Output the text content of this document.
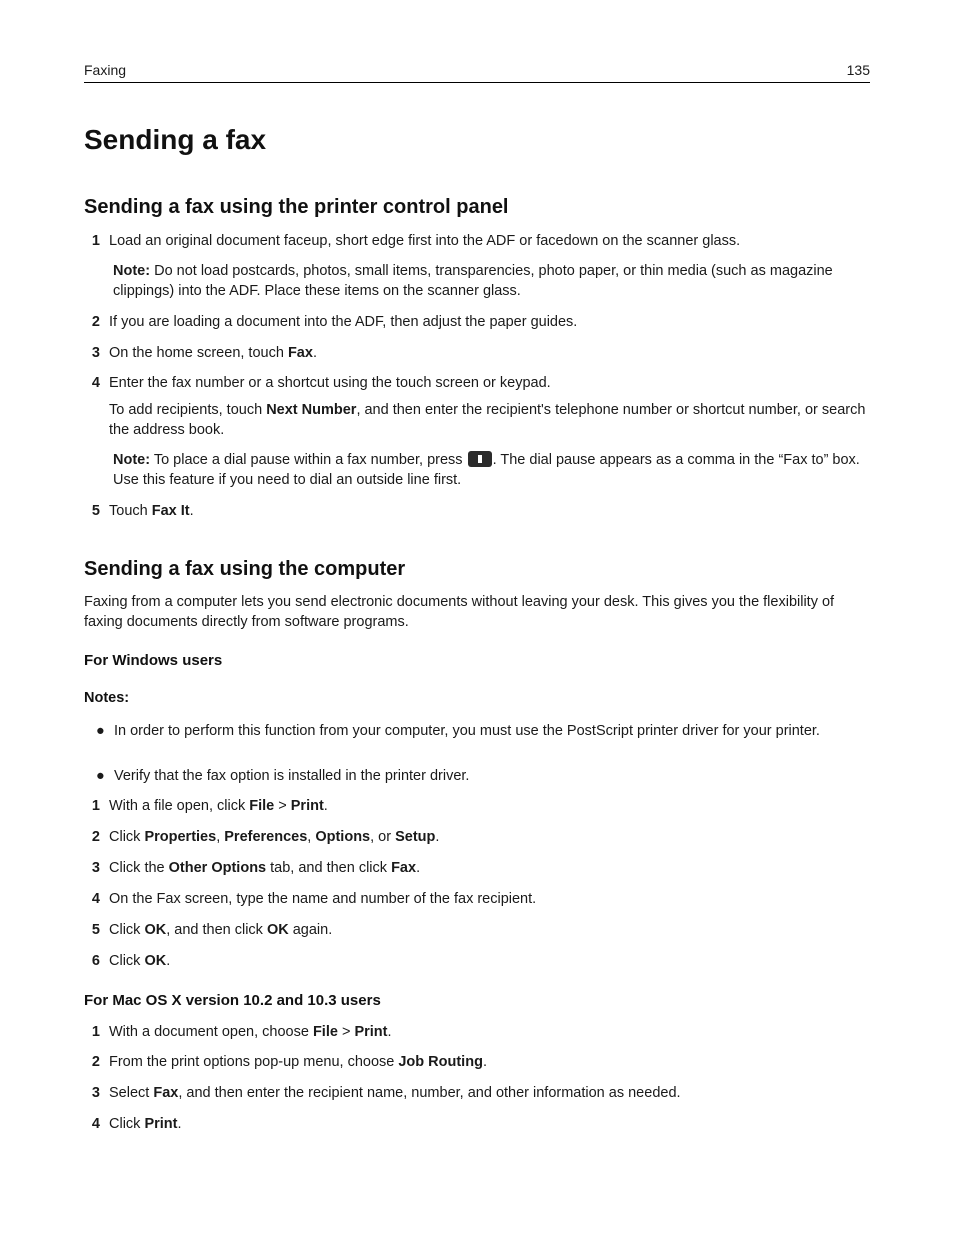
Faxing	135
Sending a fax
Sending a fax using the printer control panel
1 Load an original document faceup, short edge first into the ADF or facedown on the scanner glass.

Note: Do not load postcards, photos, small items, transparencies, photo paper, or thin media (such as magazine clippings) into the ADF. Place these items on the scanner glass.

2 If you are loading a document into the ADF, then adjust the paper guides.

3 On the home screen, touch Fax.

4 Enter the fax number or a shortcut using the touch screen or keypad.

To add recipients, touch Next Number, and then enter the recipient's telephone number or shortcut number, or search the address book.

Note: To place a dial pause within a fax number, press . The dial pause appears as a comma in the “Fax to” box. Use this feature if you need to dial an outside line first.

5 Touch Fax It.

Sending a fax using the computer

Faxing from a computer lets you send electronic documents without leaving your desk. This gives you the flexibility of faxing documents directly from software programs.

For Windows users
Notes:
● In order to perform this function from your computer, you must use the PostScript printer driver for your printer.

● Verify that the fax option is installed in the printer driver.

1 With a file open, click File > Print.

2 Click Properties, Preferences, Options, or Setup.

3 Click the Other Options tab, and then click Fax.

4 On the Fax screen, type the name and number of the fax recipient.

5 Click OK, and then click OK again.

6 Click OK.

For Mac OS X version 10.2 and 10.3 users
1 With a document open, choose File > Print.

2 From the print options pop-up menu, choose Job Routing.

3 Select Fax, and then enter the recipient name, number, and other information as needed.

4 Click Print.
